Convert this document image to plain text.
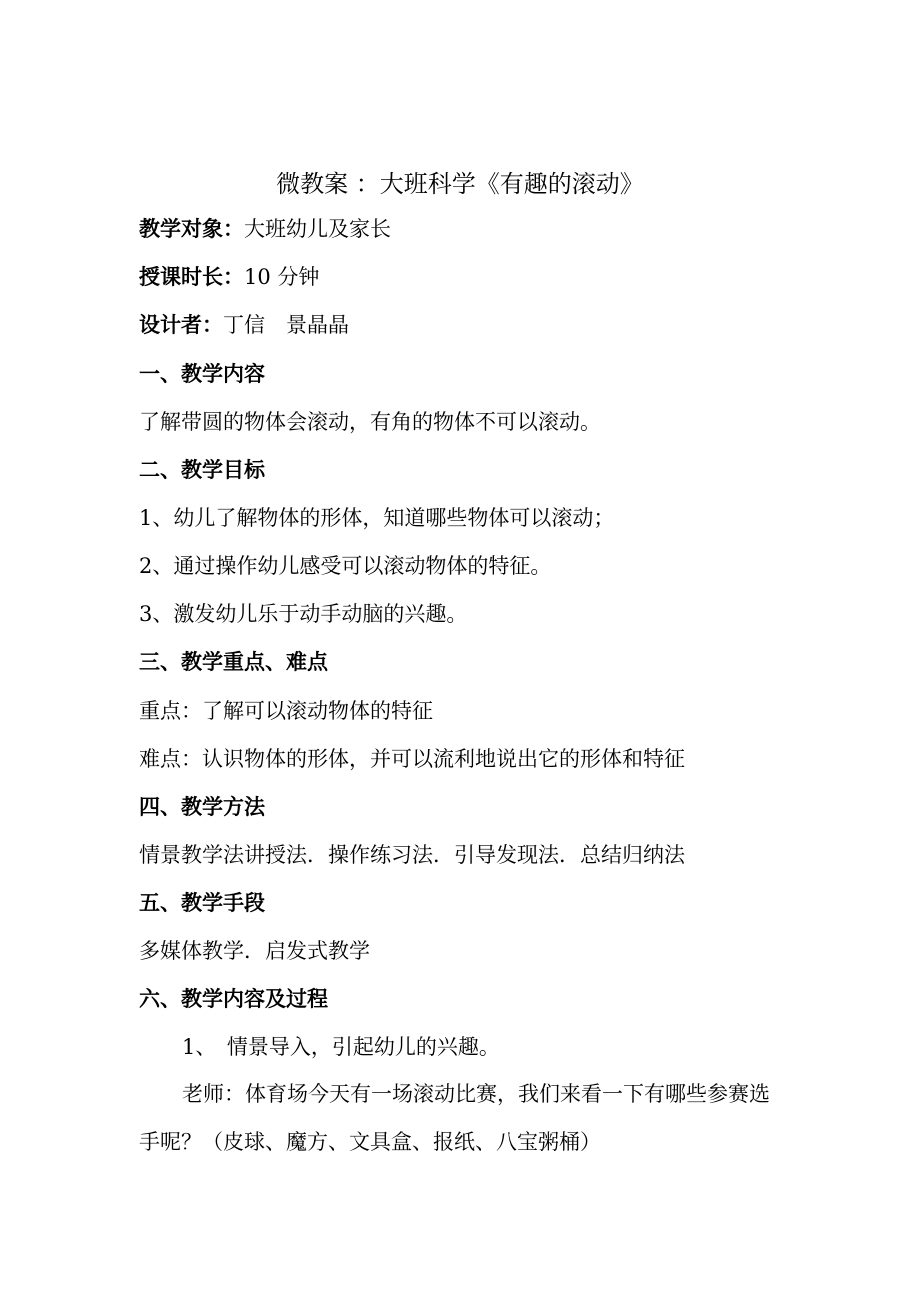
微教案 ：大班科学《有趣的滚动》
教学对象：大班幼儿及家长
授课时长：10 分钟
设计者：丁信　景晶晶
一、教学内容
了解带圆的物体会滚动，有角的物体不可以滚动。
二、教学目标
1、幼儿了解物体的形体，知道哪些物体可以滚动；
2、通过操作幼儿感受可以滚动物体的特征。
3、激发幼儿乐于动手动脑的兴趣。
三、教学重点、难点
重点：了解可以滚动物体的特征
难点：认识物体的形体，并可以流利地说出它的形体和特征
四、教学方法
情景教学法讲授法．操作练习法．引导发现法．总结归纳法
五、教学手段
多媒体教学．启发式教学
六、教学内容及过程
1、　情景导入，引起幼儿的兴趣。
老师：体育场今天有一场滚动比赛，我们来看一下有哪些参赛选手呢？（皮球、魔方、文具盒、报纸、八宝粥桶）
